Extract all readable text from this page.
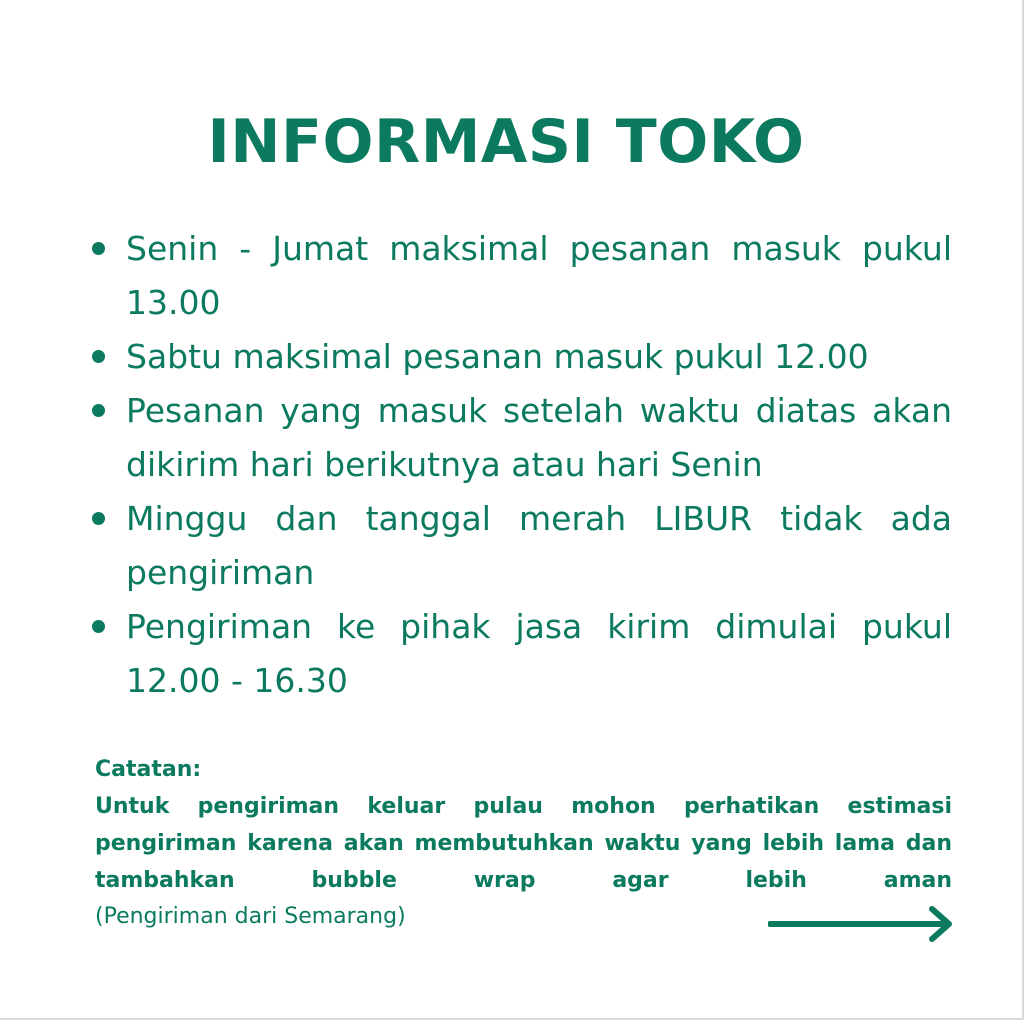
INFORMASI TOKO
Senin - Jumat maksimal pesanan masuk pukul 13.00
Sabtu maksimal pesanan masuk pukul 12.00
Pesanan yang masuk setelah waktu diatas akan dikirim hari berikutnya atau hari Senin
Minggu dan tanggal merah LIBUR tidak ada pengiriman
Pengiriman ke pihak jasa kirim dimulai pukul 12.00 - 16.30
Catatan:
Untuk pengiriman keluar pulau mohon perhatikan estimasi pengiriman karena akan membutuhkan waktu yang lebih lama dan tambahkan bubble wrap agar lebih aman
(Pengiriman dari Semarang)
